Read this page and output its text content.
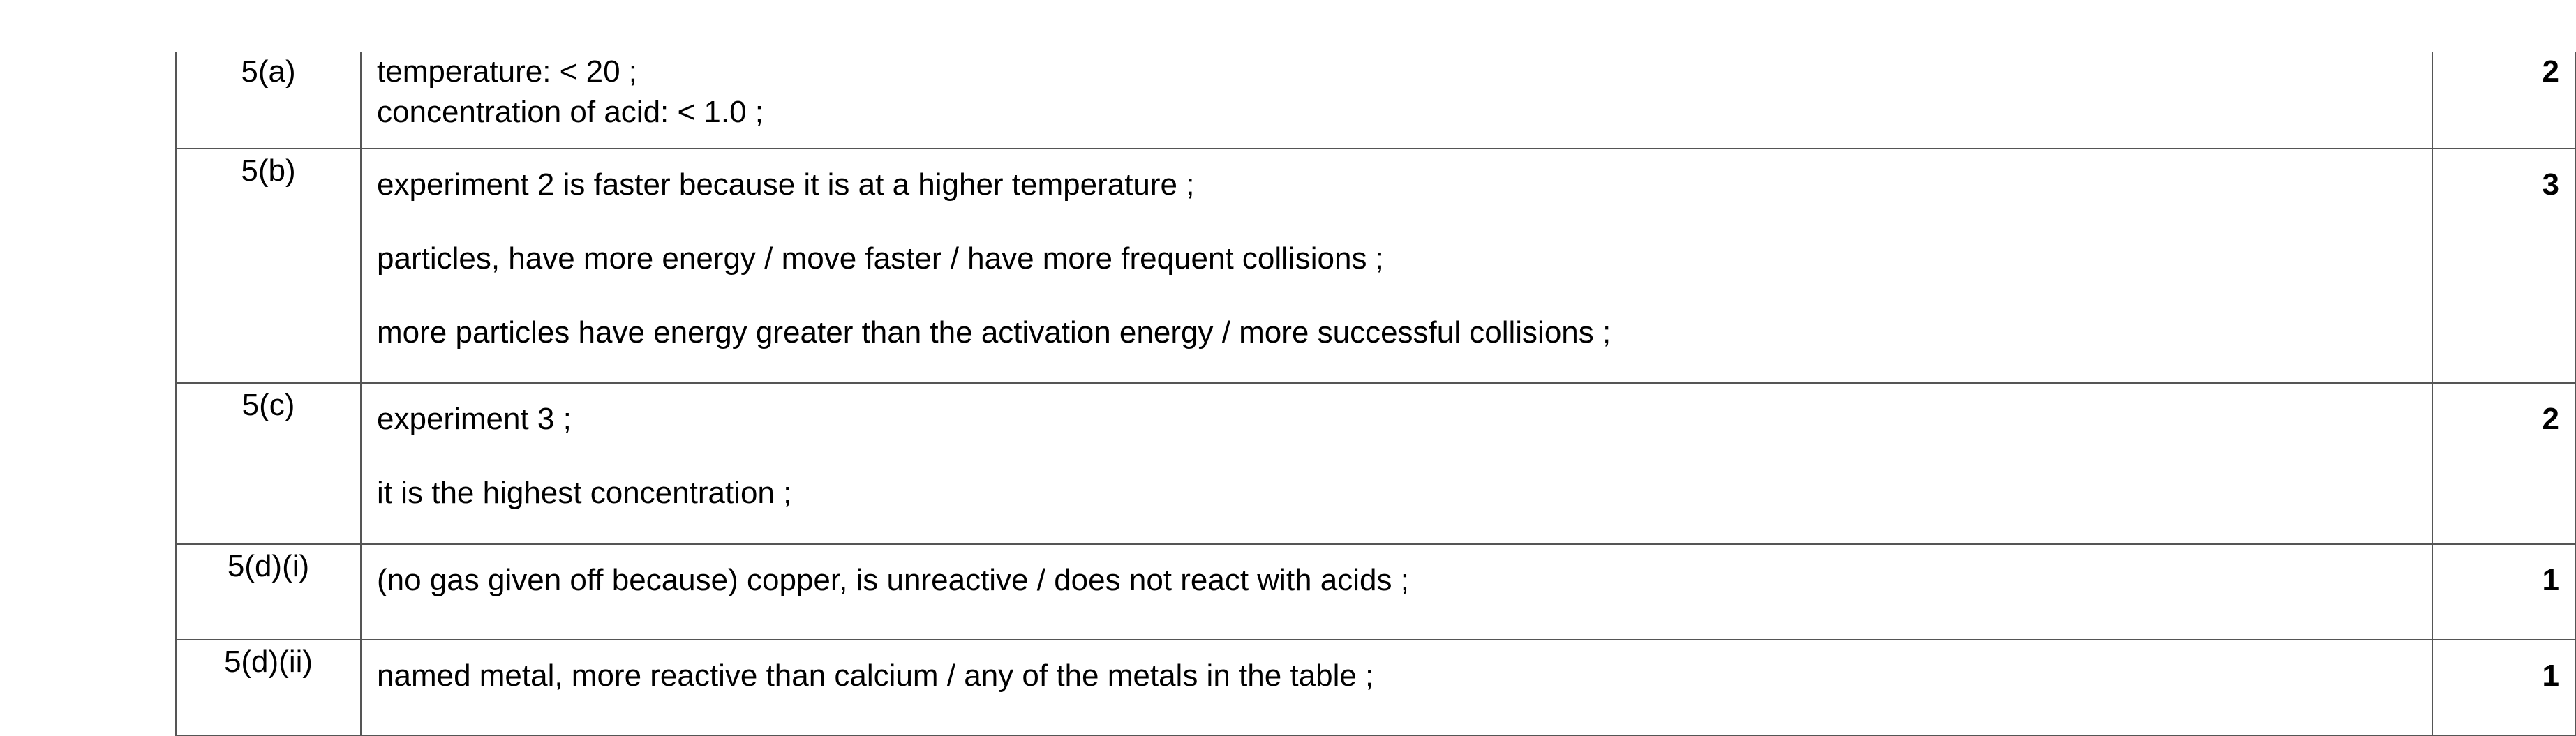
5(a)	temperature: < 20 ;
concentration of acid: < 1.0 ;	2

5(b)	experiment 2 is faster because it is at a higher temperature ;
particles, have more energy / move faster / have more frequent collisions ;
more particles have energy greater than the activation energy / more successful collisions ;	3

5(c)	experiment 3 ;
it is the highest concentration ;	2

5(d)(i)	(no gas given off because) copper, is unreactive / does not react with acids ;	1

5(d)(ii)	named metal, more reactive than calcium / any of the metals in the table ;	1
